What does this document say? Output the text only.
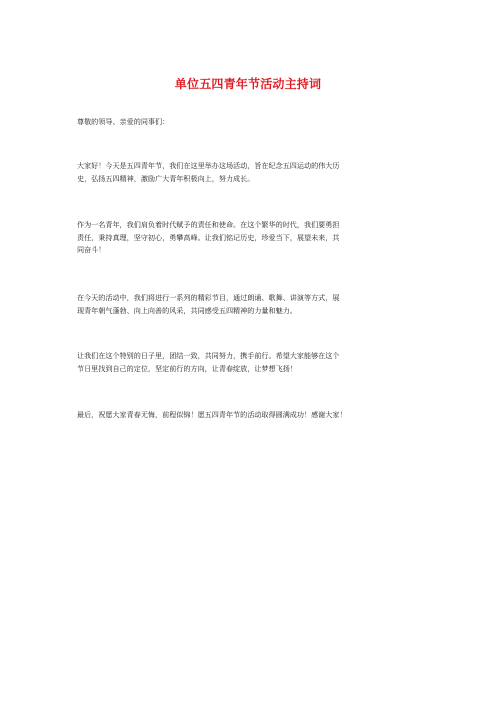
单位五四青年节活动主持词

尊敬的领导、亲爱的同事们：

大家好！今天是五四青年节，我们在这里举办这场活动，旨在纪念五四运动的伟大历
史，弘扬五四精神，激励广大青年积极向上，努力成长。

作为一名青年，我们肩负着时代赋予的责任和使命。在这个繁华的时代，我们要勇担
责任，秉持真理，坚守初心，勇攀高峰。让我们铭记历史，珍爱当下，展望未来，共
同奋斗！

在今天的活动中，我们将进行一系列的精彩节目，通过朗诵、歌舞、讲演等方式，展
现青年朝气蓬勃、向上向善的风采，共同感受五四精神的力量和魅力。

让我们在这个特别的日子里，团结一致，共同努力，携手前行。希望大家能够在这个
节日里找到自己的定位，坚定前行的方向，让青春绽放，让梦想飞扬！

最后，祝愿大家青春无悔，前程似锦！愿五四青年节的活动取得圆满成功！感谢大家！
